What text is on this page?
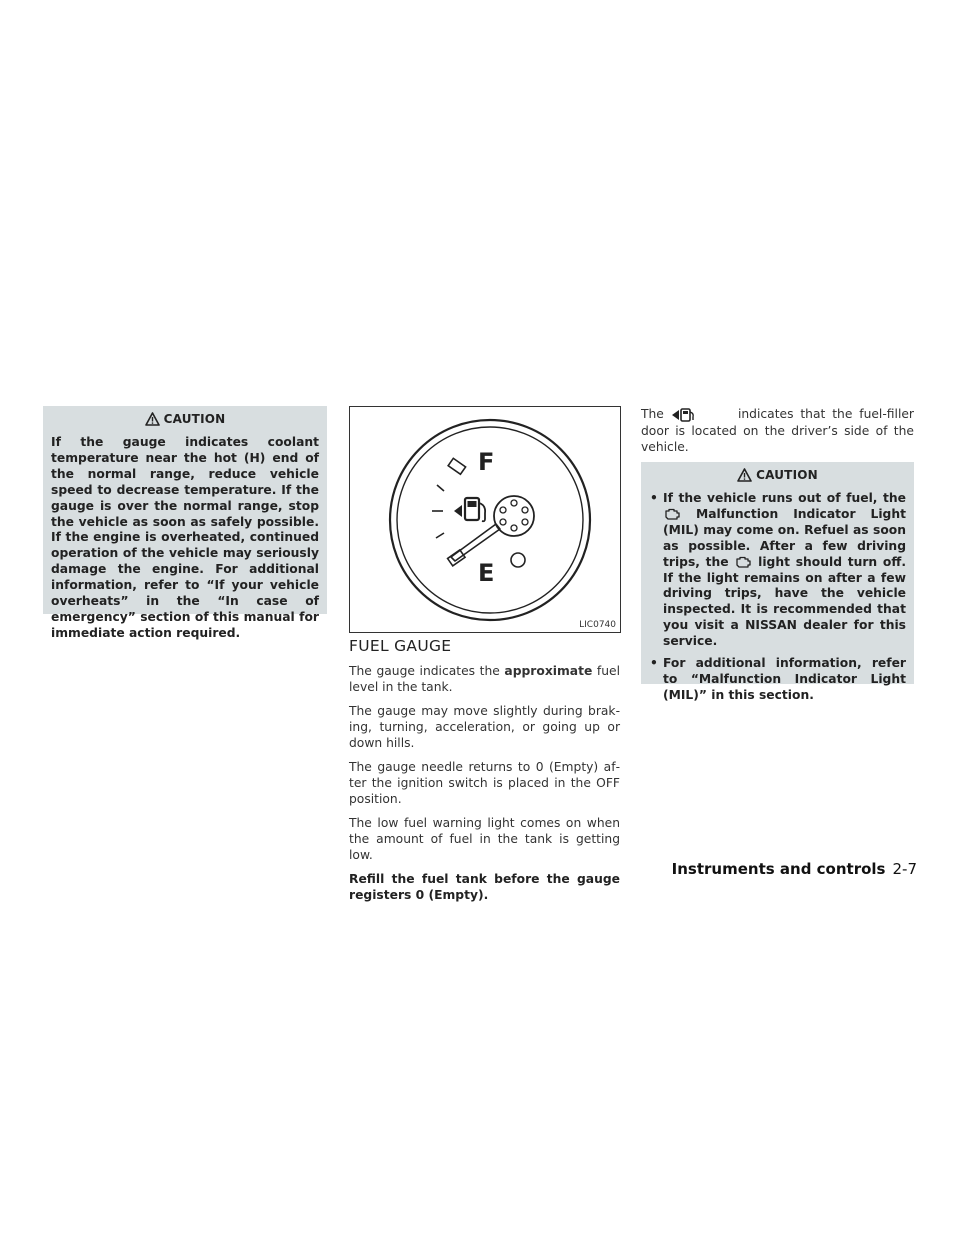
CAUTION

If the gauge indicates coolant temperature near the hot (H) end of the normal range, reduce vehicle speed to decrease temperature. If the gauge is over the normal range, stop the vehicle as soon as safely possible. If the engine is overheated, continued operation of the vehicle may seriously damage the engine. For additional information, refer to “If your vehicle overheats” in the “In case of emergency” section of this manual for immediate action required.

F
E
LIC0740
FUEL GAUGE

The gauge indicates the approximate fuel level in the tank.

The gauge may move slightly during braking, turning, acceleration, or going up or down hills.

The gauge needle returns to 0 (Empty) after the ignition switch is placed in the OFF position.

The low fuel warning light comes on when the amount of fuel in the tank is getting low.

Refill the fuel tank before the gauge registers 0 (Empty).

The	indicates that the fuel-filler door is located on the driver’s side of the vehicle.

CAUTION
• If the vehicle runs out of fuel, the  Malfunction Indicator Light (MIL) may come on. Refuel as soon as possible. After a few driving trips, the light should turn off. If the light remains on after a few driving trips, have the vehicle inspected. It is recommended that you visit a NISSAN dealer for this service.
• For additional information, refer to “Malfunction Indicator Light (MIL)” in this section.
Instruments and controls 2-7
